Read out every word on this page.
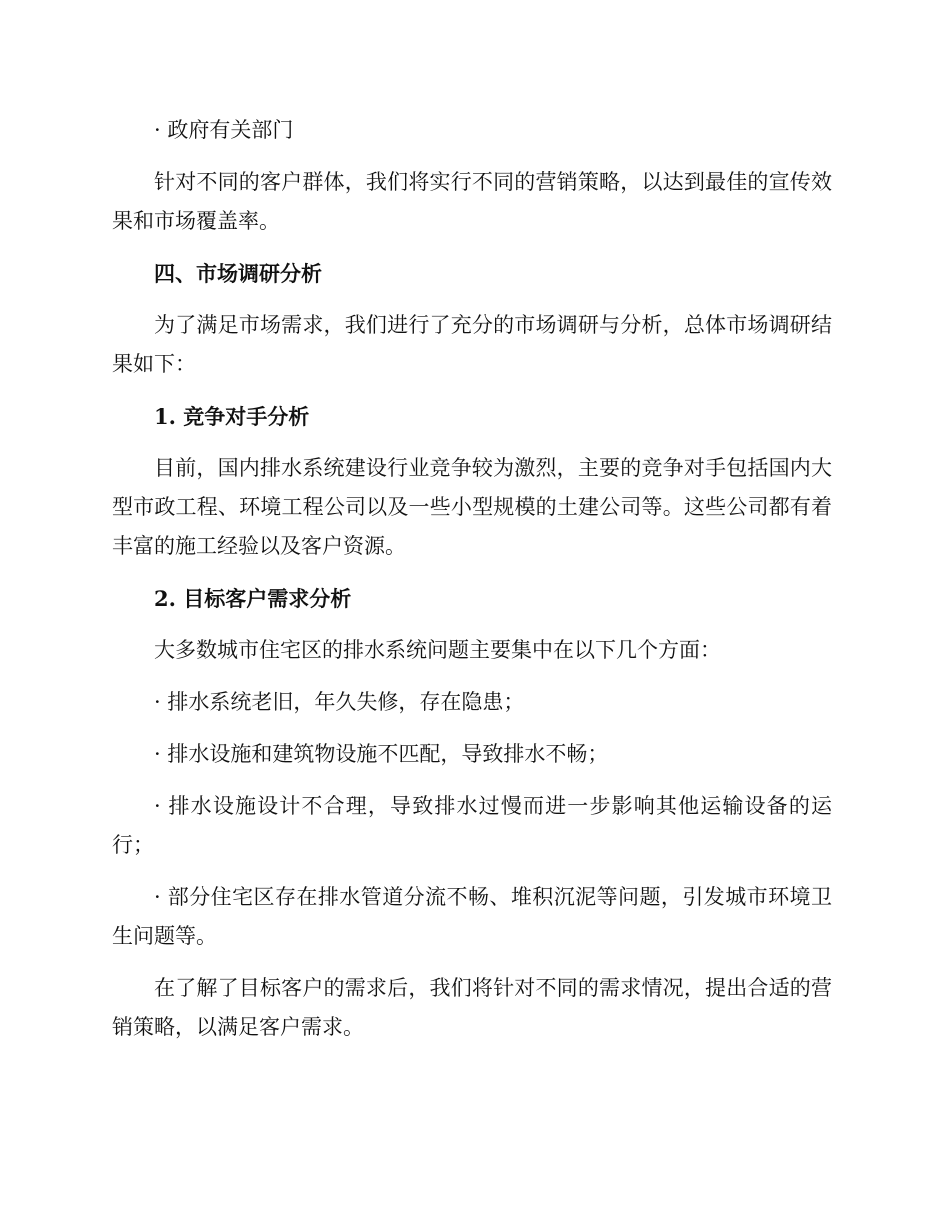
· 政府有关部门

针对不同的客户群体，我们将实行不同的营销策略，以达到最佳的宣传效果和市场覆盖率。

四、市场调研分析

为了满足市场需求，我们进行了充分的市场调研与分析，总体市场调研结果如下：

1. 竞争对手分析

目前，国内排水系统建设行业竞争较为激烈，主要的竞争对手包括国内大型市政工程、环境工程公司以及一些小型规模的土建公司等。这些公司都有着丰富的施工经验以及客户资源。

2. 目标客户需求分析

大多数城市住宅区的排水系统问题主要集中在以下几个方面：

· 排水系统老旧，年久失修，存在隐患；

· 排水设施和建筑物设施不匹配，导致排水不畅；

· 排水设施设计不合理，导致排水过慢而进一步影响其他运输设备的运行；

· 部分住宅区存在排水管道分流不畅、堆积沉泥等问题，引发城市环境卫生问题等。

在了解了目标客户的需求后，我们将针对不同的需求情况，提出合适的营销策略，以满足客户需求。
